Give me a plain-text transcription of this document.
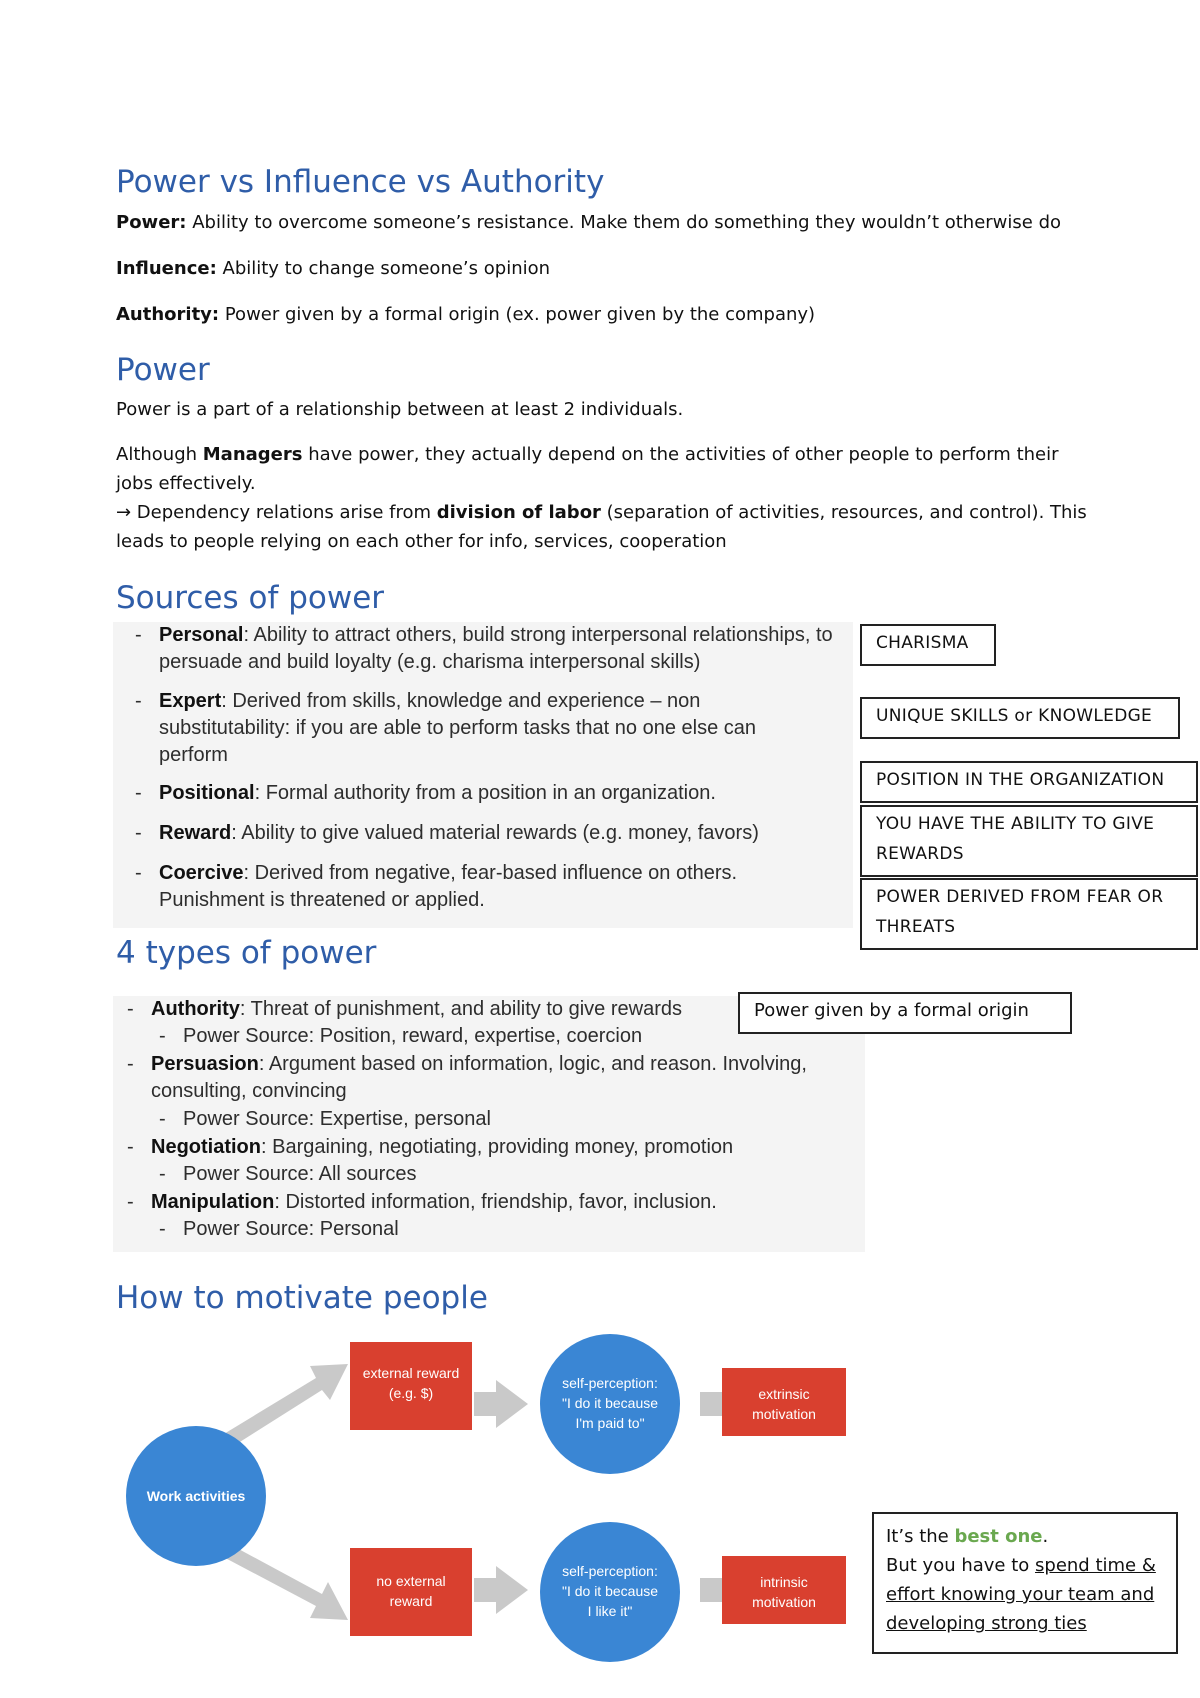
Power vs Influence vs Authority

Power: Ability to overcome someone’s resistance. Make them do something they wouldn’t otherwise do

Influence: Ability to change someone’s opinion

Authority: Power given by a formal origin (ex. power given by the company)

Power

Power is a part of a relationship between at least 2 individuals.

Although Managers have power, they actually depend on the activities of other people to perform their jobs effectively.

→ Dependency relations arise from division of labor (separation of activities, resources, and control). This leads to people relying on each other for info, services, cooperation

Sources of power
- Personal: Ability to attract others, build strong interpersonal relationships, to persuade and build loyalty (e.g. charisma interpersonal skills)
- Expert: Derived from skills, knowledge and experience – non substitutability: if you are able to perform tasks that no one else can perform
- Positional: Formal authority from a position in an organization.
- Reward: Ability to give valued material rewards (e.g. money, favors)
- Coercive: Derived from negative, fear-based influence on others. Punishment is threatened or applied.
CHARISMA
UNIQUE SKILLS or KNOWLEDGE
POSITION IN THE ORGANIZATION
YOU HAVE THE ABILITY TO GIVE REWARDS
POWER DERIVED FROM FEAR OR THREATS
4 types of power
- Authority: Threat of punishment, and ability to give rewards
- Power Source: Position, reward, expertise, coercion
- Persuasion: Argument based on information, logic, and reason. Involving, consulting, convincing
- Power Source: Expertise, personal
- Negotiation: Bargaining, negotiating, providing money, promotion
- Power Source: All sources
- Manipulation: Distorted information, friendship, favor, inclusion.
- Power Source: Personal
Power given by a formal origin
How to motivate people
Work activities
external reward
(e.g. $)
self-perception:
"I do it because
I'm paid to"
extrinsic
motivation
no external
reward
self-perception:
"I do it because
I like it"
intrinsic
motivation
It’s the best one.
But you have to spend time & effort knowing your team and developing strong ties
